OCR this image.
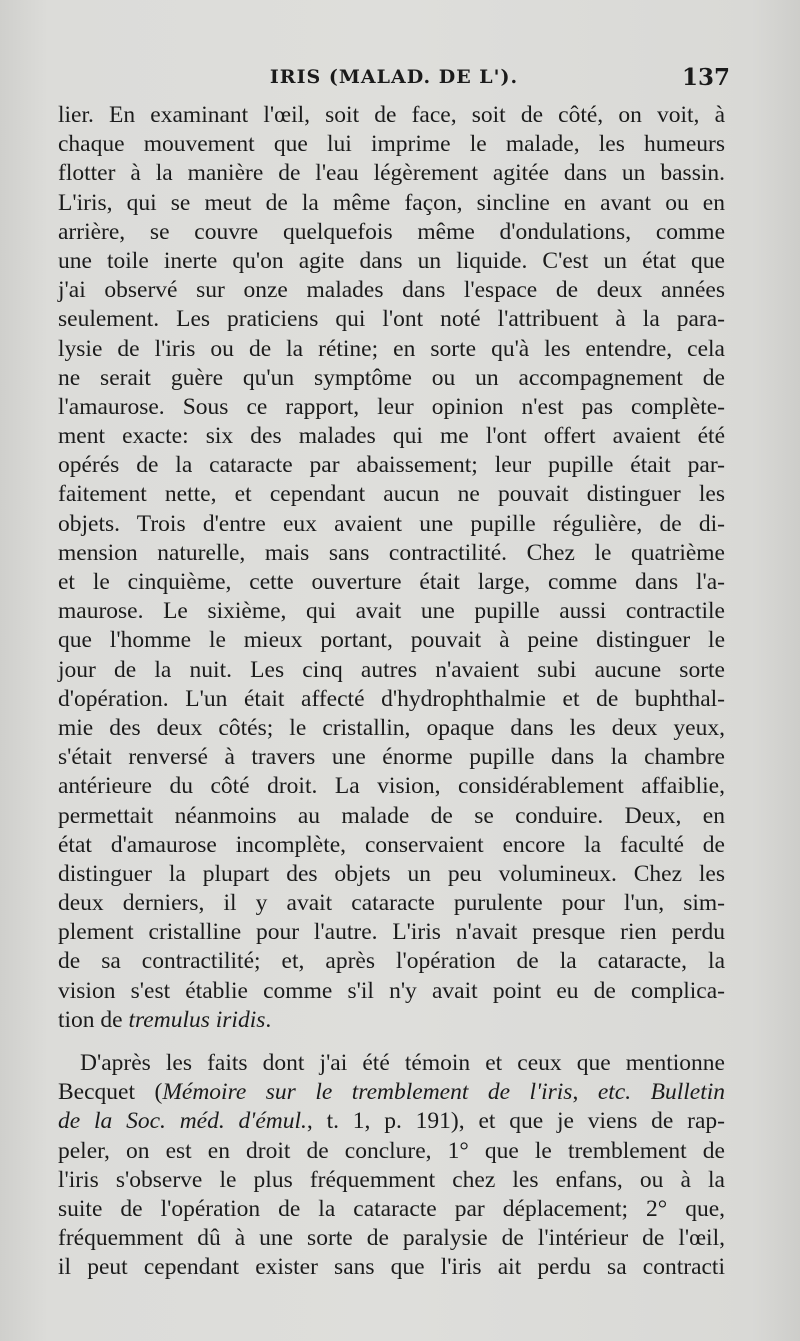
IRIS (MALAD. DE L').	137
lier. En examinant l'œil, soit de face, soit de côté, on voit, à
chaque mouvement que lui imprime le malade, les humeurs
flotter à la manière de l'eau légèrement agitée dans un bassin.
L'iris, qui se meut de la même façon, sincline en avant ou en
arrière, se couvre quelquefois même d'ondulations, comme
une toile inerte qu'on agite dans un liquide. C'est un état que
j'ai observé sur onze malades dans l'espace de deux années
seulement. Les praticiens qui l'ont noté l'attribuent à la para-
lysie de l'iris ou de la rétine; en sorte qu'à les entendre, cela
ne serait guère qu'un symptôme ou un accompagnement de
l'amaurose. Sous ce rapport, leur opinion n'est pas complète-
ment exacte: six des malades qui me l'ont offert avaient été
opérés de la cataracte par abaissement; leur pupille était par-
faitement nette, et cependant aucun ne pouvait distinguer les
objets. Trois d'entre eux avaient une pupille régulière, de di-
mension naturelle, mais sans contractilité. Chez le quatrième
et le cinquième, cette ouverture était large, comme dans l'a-
maurose. Le sixième, qui avait une pupille aussi contractile
que l'homme le mieux portant, pouvait à peine distinguer le
jour de la nuit. Les cinq autres n'avaient subi aucune sorte
d'opération. L'un était affecté d'hydrophthalmie et de buphthal-
mie des deux côtés; le cristallin, opaque dans les deux yeux,
s'était renversé à travers une énorme pupille dans la chambre
antérieure du côté droit. La vision, considérablement affaiblie,
permettait néanmoins au malade de se conduire. Deux, en
état d'amaurose incomplète, conservaient encore la faculté de
distinguer la plupart des objets un peu volumineux. Chez les
deux derniers, il y avait cataracte purulente pour l'un, sim-
plement cristalline pour l'autre. L'iris n'avait presque rien perdu
de sa contractilité; et, après l'opération de la cataracte, la
vision s'est établie comme s'il n'y avait point eu de complica-
tion de tremulus iridis.
D'après les faits dont j'ai été témoin et ceux que mentionne
Becquet (Mémoire sur le tremblement de l'iris, etc. Bulletin
de la Soc. méd. d'émul., t. 1, p. 191), et que je viens de rap-
peler, on est en droit de conclure, 1° que le tremblement de
l'iris s'observe le plus fréquemment chez les enfans, ou à la
suite de l'opération de la cataracte par déplacement; 2° que,
fréquemment dû à une sorte de paralysie de l'intérieur de l'œil,
il peut cependant exister sans que l'iris ait perdu sa contracti
